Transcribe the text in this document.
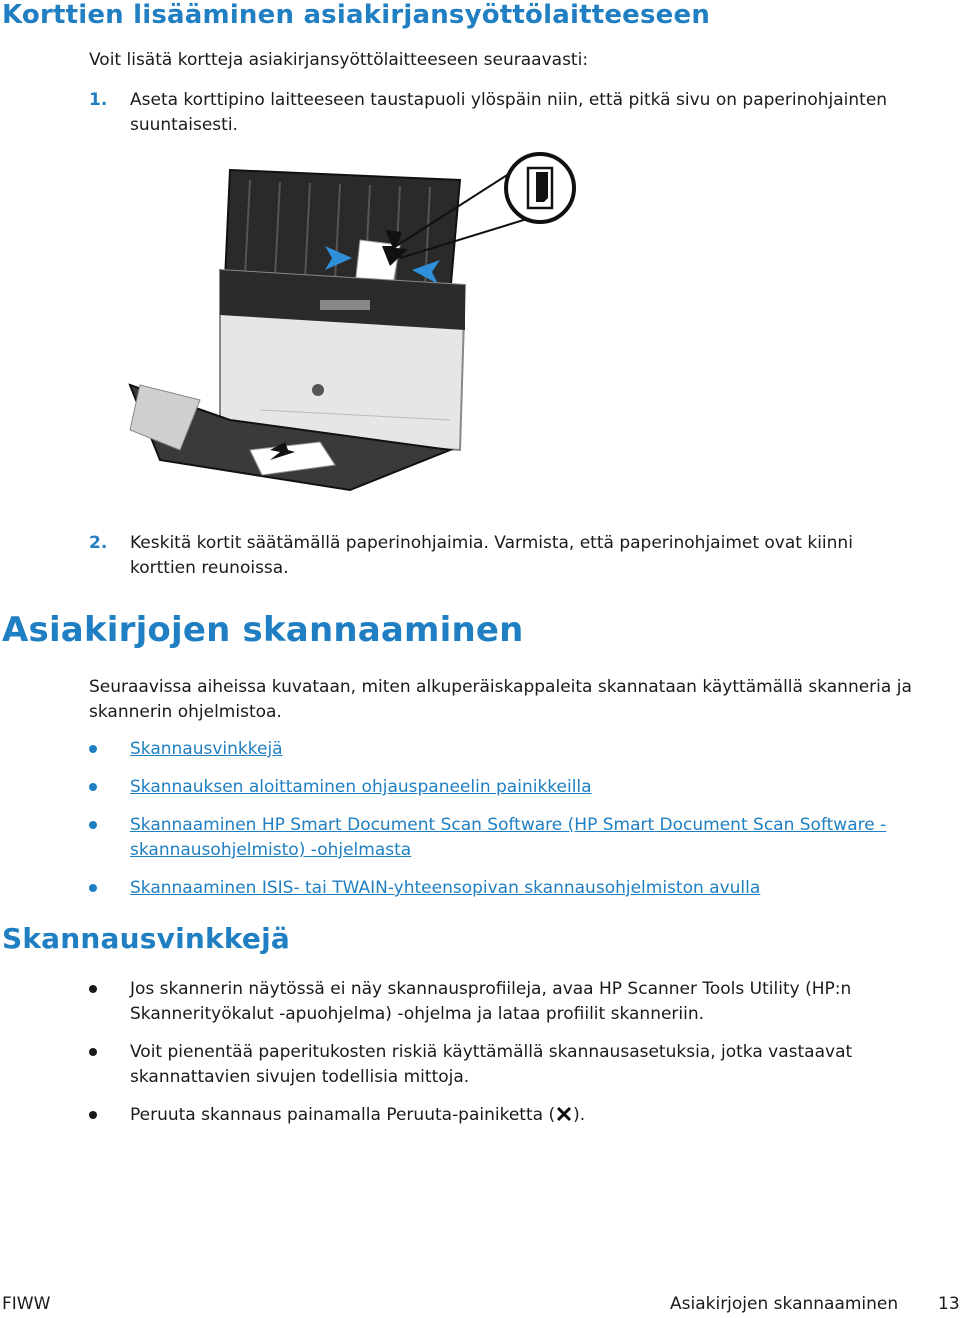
Korttien lisääminen asiakirjansyöttölaitteeseen
Voit lisätä kortteja asiakirjansyöttölaitteeseen seuraavasti:
1. Aseta korttipino laitteeseen taustapuoli ylöspäin niin, että pitkä sivu on paperinohjainten suuntaisesti.
2. Keskitä kortit säätämällä paperinohjaimia. Varmista, että paperinohjaimet ovat kiinni korttien reunoissa.
Asiakirjojen skannaaminen
Seuraavissa aiheissa kuvataan, miten alkuperäiskappaleita skannataan käyttämällä skanneria ja skannerin ohjelmistoa.
Skannausvinkkejä
Skannauksen aloittaminen ohjauspaneelin painikkeilla
Skannaaminen HP Smart Document Scan Software (HP Smart Document Scan Software -skannausohjelmisto) -ohjelmasta
Skannaaminen ISIS- tai TWAIN-yhteensopivan skannausohjelmiston avulla
Skannausvinkkejä
Jos skannerin näytössä ei näy skannausprofiileja, avaa HP Scanner Tools Utility (HP:n Skannerityökalut -apuohjelma) -ohjelma ja lataa profiilit skanneriin.
Voit pienentää paperitukosten riskiä käyttämällä skannausasetuksia, jotka vastaavat skannattavien sivujen todellisia mittoja.
Peruuta skannaus painamalla Peruuta-painiketta ( ).
FIWW	Asiakirjojen skannaaminen 13
